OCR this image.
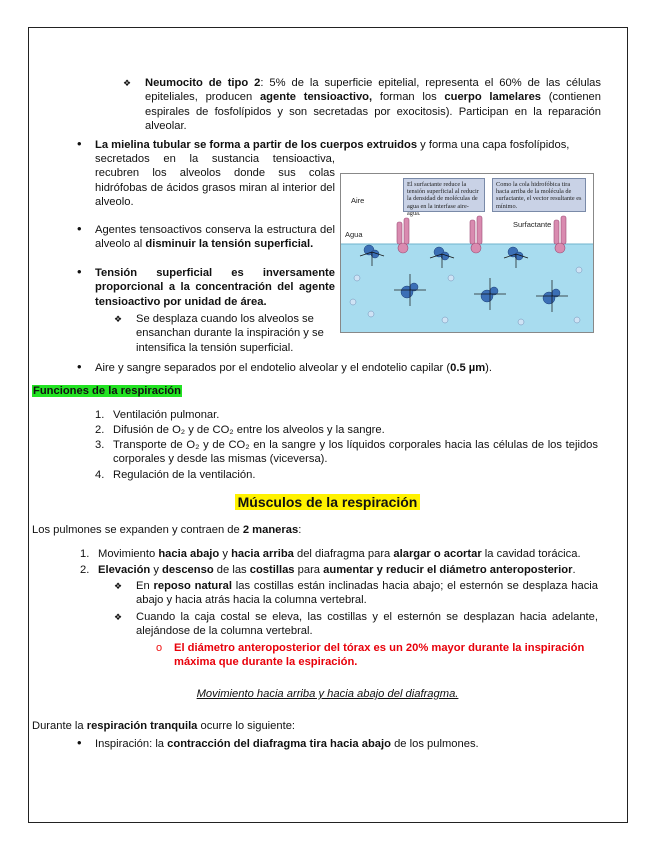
❖ Neumocito de tipo 2: 5% de la superficie epitelial, representa el 60% de las células epiteliales, producen agente tensioactivo, forman los cuerpo lamelares (contienen espirales de fosfolípidos y son secretadas por exocitosis). Participan en la reparación alveolar.
• La mielina tubular se forma a partir de los cuerpos extruidos y forma una capa fosfolípidos,
secretados en la sustancia tensioactiva, recubren los alveolos donde sus colas hidrófobas de ácidos grasos miran al interior del alveolo.
• Agentes tensoactivos conserva la estructura del alveolo al disminuir la tensión superficial.
• Tensión superficial es inversamente proporcional a la concentración del agente tensioactivo por unidad de área.
❖ Se desplaza cuando los alveolos se ensanchan durante la inspiración y se intensifica la tensión superficial.
• Aire y sangre separados por el endotelio alveolar y el endotelio capilar (0.5 µm).
El surfactante reduce la tensión superficial al reducir la densidad de moléculas de agua en la interfase aire-agua.
Como la cola hidrofóbica tira hacia arriba de la molécula de surfactante, el vector resultante es mínimo.
Aire
Agua
Surfactante
Funciones de la respiración
1. Ventilación pulmonar.
2. Difusión de O₂ y de CO₂ entre los alveolos y la sangre.
3. Transporte de O₂ y de CO₂ en la sangre y los líquidos corporales hacia las células de los tejidos corporales y desde las mismas (viceversa).
4. Regulación de la ventilación.
Músculos de la respiración
Los pulmones se expanden y contraen de 2 maneras:
1. Movimiento hacia abajo y hacia arriba del diafragma para alargar o acortar la cavidad torácica.
2. Elevación y descenso de las costillas para aumentar y reducir el diámetro anteroposterior.
❖ En reposo natural las costillas están inclinadas hacia abajo; el esternón se desplaza hacia abajo y hacia atrás hacia la columna vertebral.
❖ Cuando la caja costal se eleva, las costillas y el esternón se desplazan hacia adelante, alejándose de la columna vertebral.
o El diámetro anteroposterior del tórax es un 20% mayor durante la inspiración máxima que durante la espiración.
Movimiento hacia arriba y hacia abajo del diafragma.
Durante la respiración tranquila ocurre lo siguiente:
• Inspiración: la contracción del diafragma tira hacia abajo de los pulmones.
